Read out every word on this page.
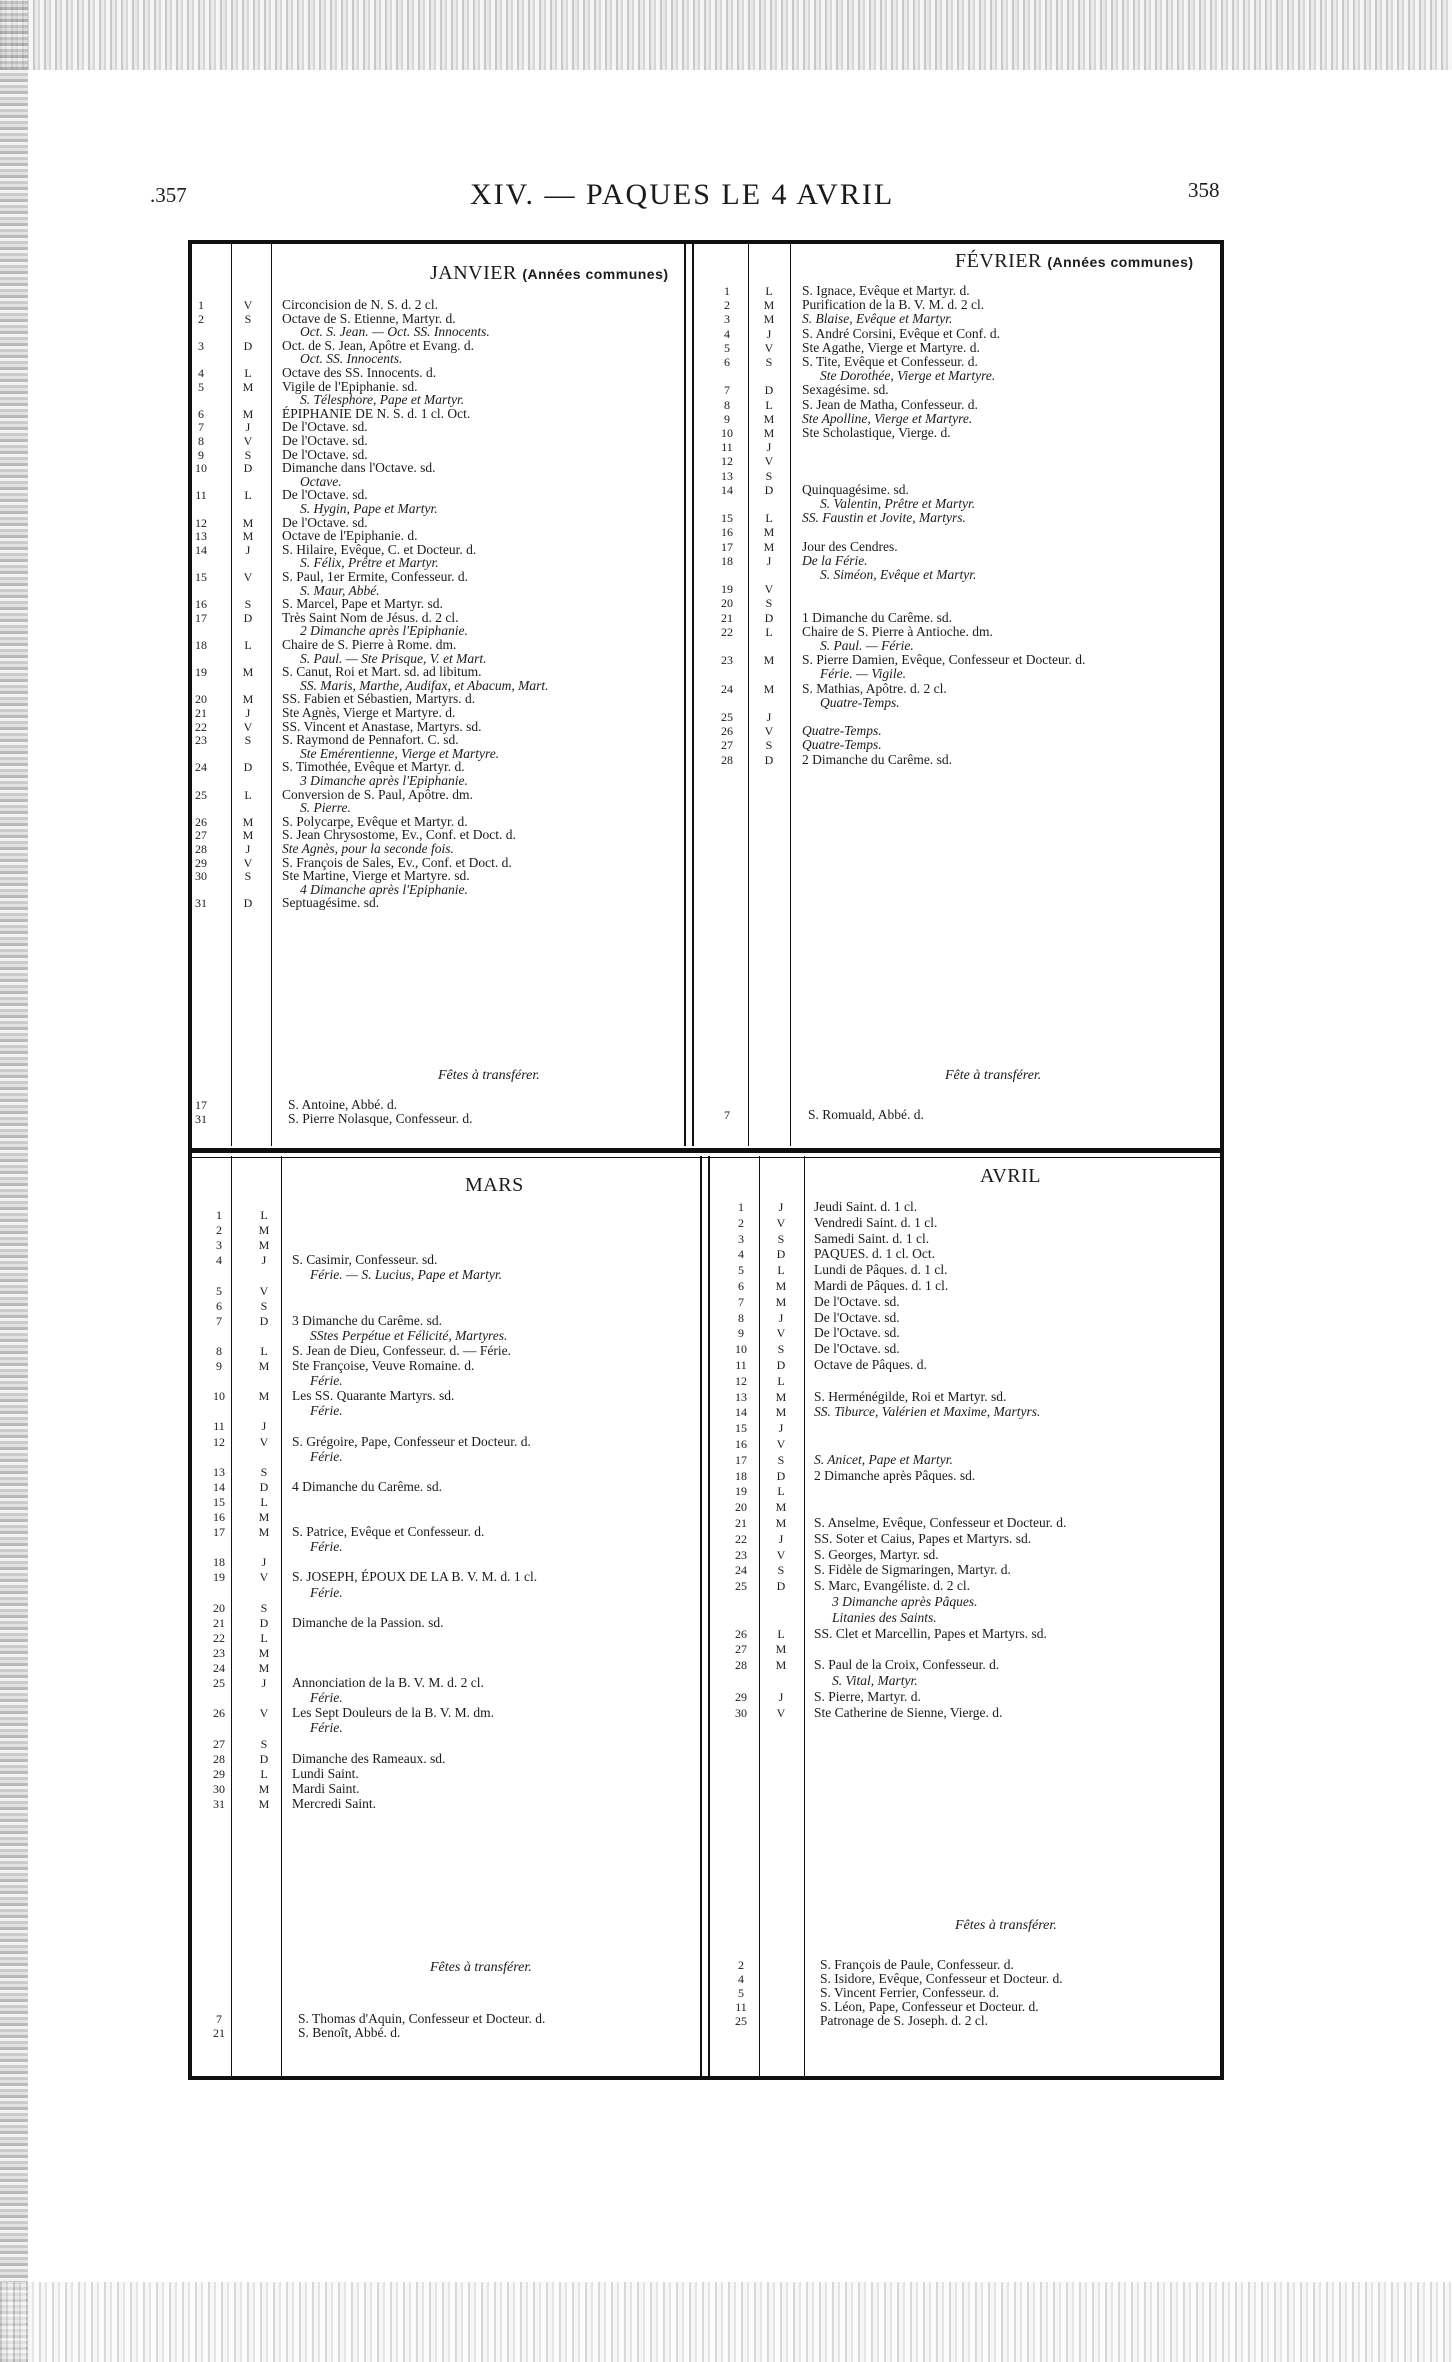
.357	XIV. — PAQUES LE 4 AVRIL	358
JANVIER (Années communes)
FÉVRIER (Années communes)
MARS	AVRIL
1	V	Circoncision de N. S. d. 2 cl.
2	S	Octave de S. Etienne, Martyr. d.
Oct. S. Jean. — Oct. SS. Innocents.
3	D	Oct. de S. Jean, Apôtre et Evang. d.
Oct. SS. Innocents.
4	L	Octave des SS. Innocents. d.
5	M	Vigile de l'Epiphanie. sd.
S. Télesphore, Pape et Martyr.
6	M	ÉPIPHANIE DE N. S. d. 1 cl. Oct.
7	J	De l'Octave. sd.
8	V	De l'Octave. sd.
9	S	De l'Octave. sd.
10	D	Dimanche dans l'Octave. sd.
Octave.
11	L	De l'Octave. sd.
S. Hygin, Pape et Martyr.
12	M	De l'Octave. sd.
13	M	Octave de l'Epiphanie. d.
14	J	S. Hilaire, Evêque, C. et Docteur. d.
S. Félix, Prêtre et Martyr.
15	V	S. Paul, 1er Ermite, Confesseur. d.
S. Maur, Abbé.
16	S	S. Marcel, Pape et Martyr. sd.
17	D	Très Saint Nom de Jésus. d. 2 cl.
2 Dimanche après l'Epiphanie.
18	L	Chaire de S. Pierre à Rome. dm.
S. Paul. — Ste Prisque, V. et Mart.
19	M	S. Canut, Roi et Mart. sd. ad libitum.
SS. Maris, Marthe, Audifax, et Abacum, Mart.
20	M	SS. Fabien et Sébastien, Martyrs. d.
21	J	Ste Agnès, Vierge et Martyre. d.
22	V	SS. Vincent et Anastase, Martyrs. sd.
23	S	S. Raymond de Pennafort. C. sd.
Ste Emérentienne, Vierge et Martyre.
24	D	S. Timothée, Evêque et Martyr. d.
3 Dimanche après l'Epiphanie.
25	L	Conversion de S. Paul, Apôtre. dm.
S. Pierre.
26	M	S. Polycarpe, Evêque et Martyr. d.
27	M	S. Jean Chrysostome, Ev., Conf. et Doct. d.
28	J	Ste Agnès, pour la seconde fois.
29	V	S. François de Sales, Ev., Conf. et Doct. d.
30	S	Ste Martine, Vierge et Martyre. sd.
4 Dimanche après l'Epiphanie.
31	D	Septuagésime. sd.
Fêtes à transférer.
17	S. Antoine, Abbé. d.
31	S. Pierre Nolasque, Confesseur. d.
1	L	S. Ignace, Evêque et Martyr. d.
2	M	Purification de la B. V. M. d. 2 cl.
3	M	S. Blaise, Evêque et Martyr.
4	J	S. André Corsini, Evêque et Conf. d.
5	V	Ste Agathe, Vierge et Martyre. d.
6	S	S. Tite, Evêque et Confesseur. d.
Ste Dorothée, Vierge et Martyre.
7	D	Sexagésime. sd.
8	L	S. Jean de Matha, Confesseur. d.
9	M	Ste Apolline, Vierge et Martyre.
10	M	Ste Scholastique, Vierge. d.
11	J
12	V
13	S
14	D	Quinquagésime. sd.
S. Valentin, Prêtre et Martyr.
15	L	SS. Faustin et Jovite, Martyrs.
16	M
17	M	Jour des Cendres.
18	J	De la Férie.
S. Siméon, Evêque et Martyr.
19	V
20	S
21	D	1 Dimanche du Carême. sd.
22	L	Chaire de S. Pierre à Antioche. dm.
S. Paul. — Férie.
23	M	S. Pierre Damien, Evêque, Confesseur et Docteur. d.
Férie. — Vigile.
24	M	S. Mathias, Apôtre. d. 2 cl.
Quatre-Temps.
25	J
26	V	Quatre-Temps.
27	S	Quatre-Temps.
28	D	2 Dimanche du Carême. sd.
Fête à transférer.
7	S. Romuald, Abbé. d.
1	L
2	M
3	M
4	J	S. Casimir, Confesseur. sd.
Férie. — S. Lucius, Pape et Martyr.
5	V
6	S
7	D	3 Dimanche du Carême. sd.
SStes Perpétue et Félicité, Martyres.
8	L	S. Jean de Dieu, Confesseur. d. — Férie.
9	M	Ste Françoise, Veuve Romaine. d.
Férie.
10	M	Les SS. Quarante Martyrs. sd.
Férie.
11	J
12	V	S. Grégoire, Pape, Confesseur et Docteur. d.
Férie.
13	S
14	D	4 Dimanche du Carême. sd.
15	L
16	M
17	M	S. Patrice, Evêque et Confesseur. d.
Férie.
18	J
19	V	S. JOSEPH, ÉPOUX DE LA B. V. M. d. 1 cl.
Férie.
20	S
21	D	Dimanche de la Passion. sd.
22	L
23	M
24	M
25	J	Annonciation de la B. V. M. d. 2 cl.
Férie.
26	V	Les Sept Douleurs de la B. V. M. dm.
Férie.
27	S
28	D	Dimanche des Rameaux. sd.
29	L	Lundi Saint.
30	M	Mardi Saint.
31	M	Mercredi Saint.
Fêtes à transférer.
7	S. Thomas d'Aquin, Confesseur et Docteur. d.
21	S. Benoît, Abbé. d.
1	J	Jeudi Saint. d. 1 cl.
2	V	Vendredi Saint. d. 1 cl.
3	S	Samedi Saint. d. 1 cl.
4	D	PAQUES. d. 1 cl. Oct.
5	L	Lundi de Pâques. d. 1 cl.
6	M	Mardi de Pâques. d. 1 cl.
7	M	De l'Octave. sd.
8	J	De l'Octave. sd.
9	V	De l'Octave. sd.
10	S	De l'Octave. sd.
11	D	Octave de Pâques. d.
12	L
13	M	S. Herménégilde, Roi et Martyr. sd.
14	M	SS. Tiburce, Valérien et Maxime, Martyrs.
15	J
16	V
17	S	S. Anicet, Pape et Martyr.
18	D	2 Dimanche après Pâques. sd.
19	L
20	M
21	M	S. Anselme, Evêque, Confesseur et Docteur. d.
22	J	SS. Soter et Caius, Papes et Martyrs. sd.
23	V	S. Georges, Martyr. sd.
24	S	S. Fidèle de Sigmaringen, Martyr. d.
25	D	S. Marc, Evangéliste. d. 2 cl.
3 Dimanche après Pâques.
Litanies des Saints.
26	L	SS. Clet et Marcellin, Papes et Martyrs. sd.
27	M
28	M	S. Paul de la Croix, Confesseur. d.
S. Vital, Martyr.
29	J	S. Pierre, Martyr. d.
30	V	Ste Catherine de Sienne, Vierge. d.
Fêtes à transférer.
2	S. François de Paule, Confesseur. d.
4	S. Isidore, Evêque, Confesseur et Docteur. d.
5	S. Vincent Ferrier, Confesseur. d.
11	S. Léon, Pape, Confesseur et Docteur. d.
25	Patronage de S. Joseph. d. 2 cl.
